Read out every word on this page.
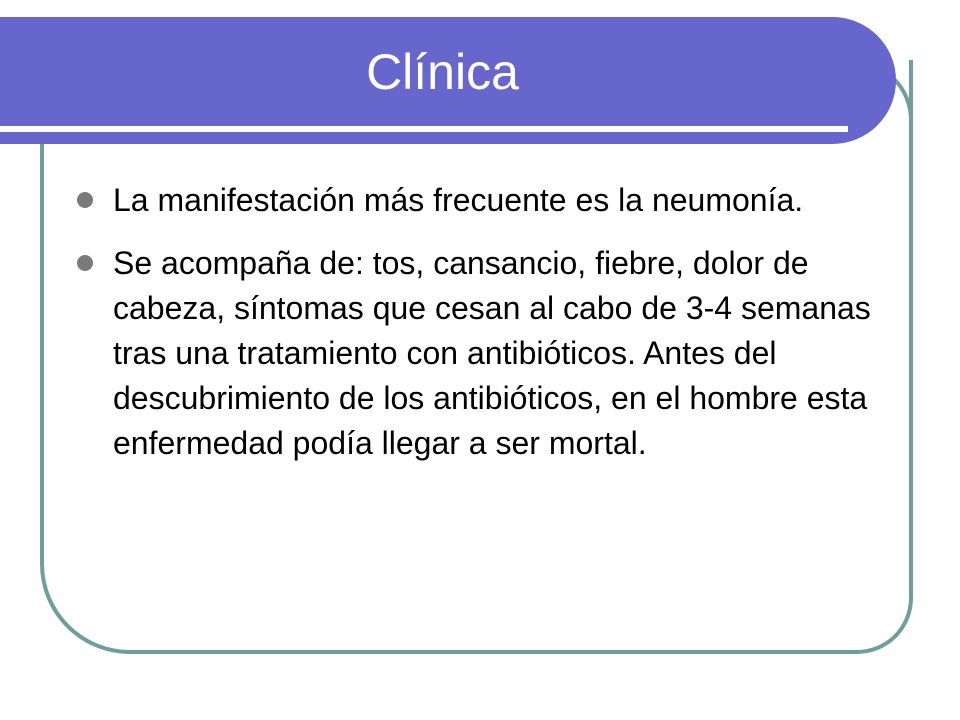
Clínica
La manifestación más frecuente es la neumonía.
Se acompaña de: tos, cansancio, fiebre, dolor de cabeza, síntomas que cesan al cabo de 3-4 semanas tras una tratamiento con antibióticos. Antes del descubrimiento de los antibióticos, en el hombre esta enfermedad podía llegar a ser mortal.
